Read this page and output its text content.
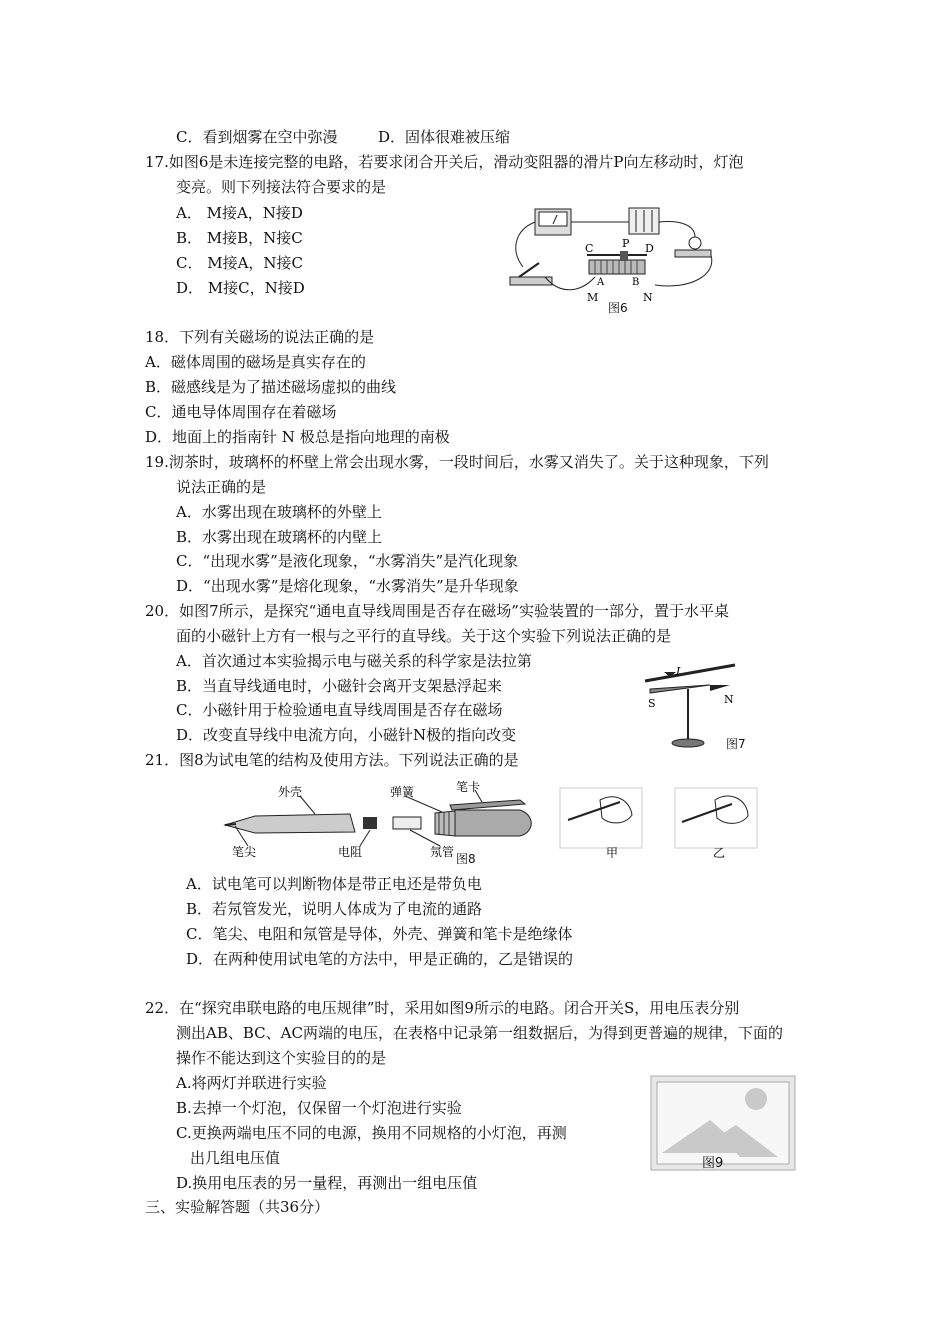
C．看到烟雾在空中弥漫	D．固体很难被压缩
17.如图6是未连接完整的电路，若要求闭合开关后，滑动变阻器的滑片P向左移动时，灯泡
变亮。则下列接法符合要求的是
A． M接A，N接D
B． M接B，N接C
C． M接A，N接C
D． M接C，N接D
C	P D
A	B
M	N
图6
18．下列有关磁场的说法正确的是
A．磁体周围的磁场是真实存在的
B．磁感线是为了描述磁场虚拟的曲线
C．通电导体周围存在着磁场
D．地面上的指南针 N 极总是指向地理的南极
19.沏茶时，玻璃杯的杯壁上常会出现水雾，一段时间后，水雾又消失了。关于这种现象，下列
说法正确的是
A．水雾出现在玻璃杯的外壁上
B．水雾出现在玻璃杯的内壁上
C．“出现水雾”是液化现象，“水雾消失”是汽化现象
D．“出现水雾”是熔化现象，“水雾消失”是升华现象
20．如图7所示，是探究“通电直导线周围是否存在磁场”实验装置的一部分，置于水平桌
面的小磁针上方有一根与之平行的直导线。关于这个实验下列说法正确的是
A．首次通过本实验揭示电与磁关系的科学家是法拉第
B．当直导线通电时，小磁针会离开支架悬浮起来
C．小磁针用于检验通电直导线周围是否存在磁场
D．改变直导线中电流方向，小磁针N极的指向改变
I
S	N
图7
21．图8为试电笔的结构及使用方法。下列说法正确的是
外壳	弹簧	笔卡
笔尖	电阻	氖管	甲	乙
图8
A．试电笔可以判断物体是带正电还是带负电
B．若氖管发光，说明人体成为了电流的通路
C．笔尖、电阻和氖管是导体，外壳、弹簧和笔卡是绝缘体
D．在两种使用试电笔的方法中，甲是正确的，乙是错误的
22．在“探究串联电路的电压规律”时，采用如图9所示的电路。闭合开关S，用电压表分别
测出AB、BC、AC两端的电压，在表格中记录第一组数据后，为得到更普遍的规律，下面的
操作不能达到这个实验目的的是
A.将两灯并联进行实验
B.去掉一个灯泡，仅保留一个灯泡进行实验
C.更换两端电压不同的电源，换用不同规格的小灯泡，再测
出几组电压值
D.换用电压表的另一量程，再测出一组电压值
图9
三、实验解答题（共36分）
